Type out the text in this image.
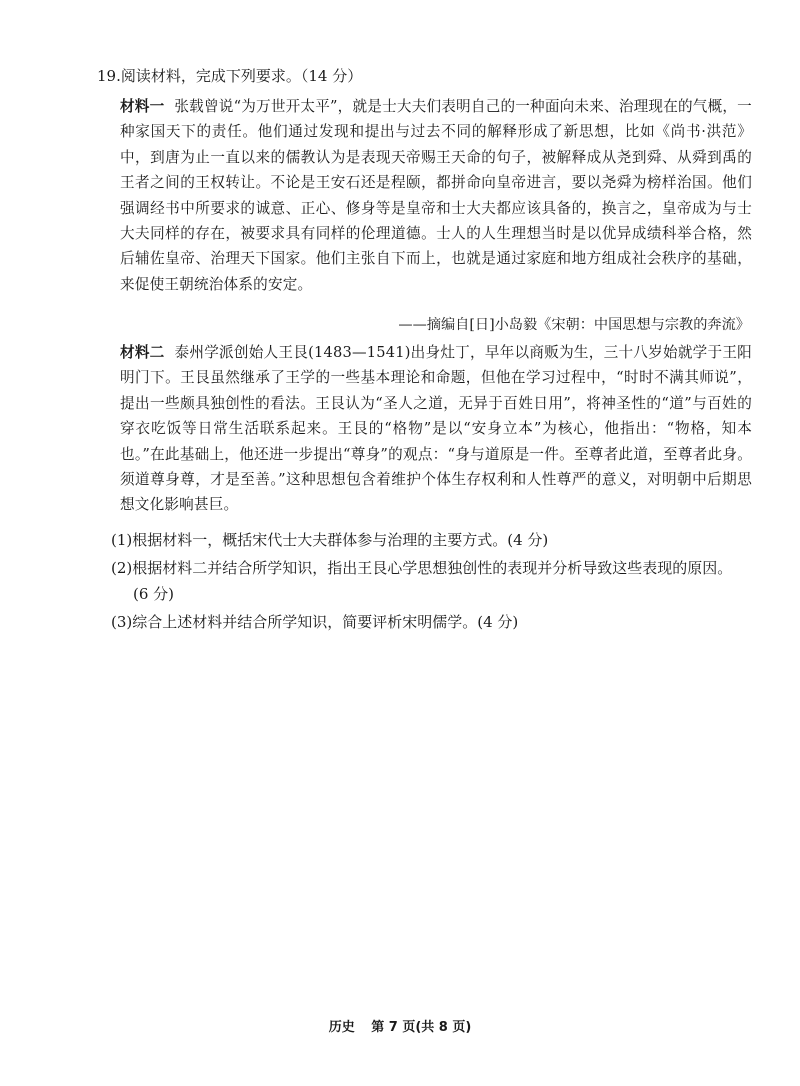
19.阅读材料，完成下列要求。（14 分）
材料一 张载曾说“为万世开太平”，就是士大夫们表明自己的一种面向未来、治理现在的气概，一种家国天下的责任。他们通过发现和提出与过去不同的解释形成了新思想，比如《尚书·洪范》中，到唐为止一直以来的儒教认为是表现天帝赐王天命的句子，被解释成从尧到舜、从舜到禹的王者之间的王权转让。不论是王安石还是程颐，都拼命向皇帝进言，要以尧舜为榜样治国。他们强调经书中所要求的诚意、正心、修身等是皇帝和士大夫都应该具备的，换言之，皇帝成为与士大夫同样的存在，被要求具有同样的伦理道德。士人的人生理想当时是以优异成绩科举合格，然后辅佐皇帝、治理天下国家。他们主张自下而上，也就是通过家庭和地方组成社会秩序的基础，来促使王朝统治体系的安定。
——摘编自[日]小岛毅《宋朝：中国思想与宗教的奔流》
材料二 泰州学派创始人王艮(1483—1541)出身灶丁，早年以商贩为生，三十八岁始就学于王阳明门下。王艮虽然继承了王学的一些基本理论和命题，但他在学习过程中，“时时不满其师说”，提出一些颇具独创性的看法。王艮认为“圣人之道，无异于百姓日用”，将神圣性的“道”与百姓的穿衣吃饭等日常生活联系起来。王艮的“格物”是以“安身立本”为核心，他指出：“物格，知本也。”在此基础上，他还进一步提出“尊身”的观点：“身与道原是一件。至尊者此道，至尊者此身。须道尊身尊，才是至善。”这种思想包含着维护个体生存权利和人性尊严的意义，对明朝中后期思想文化影响甚巨。
(1)根据材料一，概括宋代士大夫群体参与治理的主要方式。(4 分)
(2)根据材料二并结合所学知识，指出王艮心学思想独创性的表现并分析导致这些表现的原因。
(6 分)
(3)综合上述材料并结合所学知识，简要评析宋明儒学。(4 分)
历史 第 7 页(共 8 页)
